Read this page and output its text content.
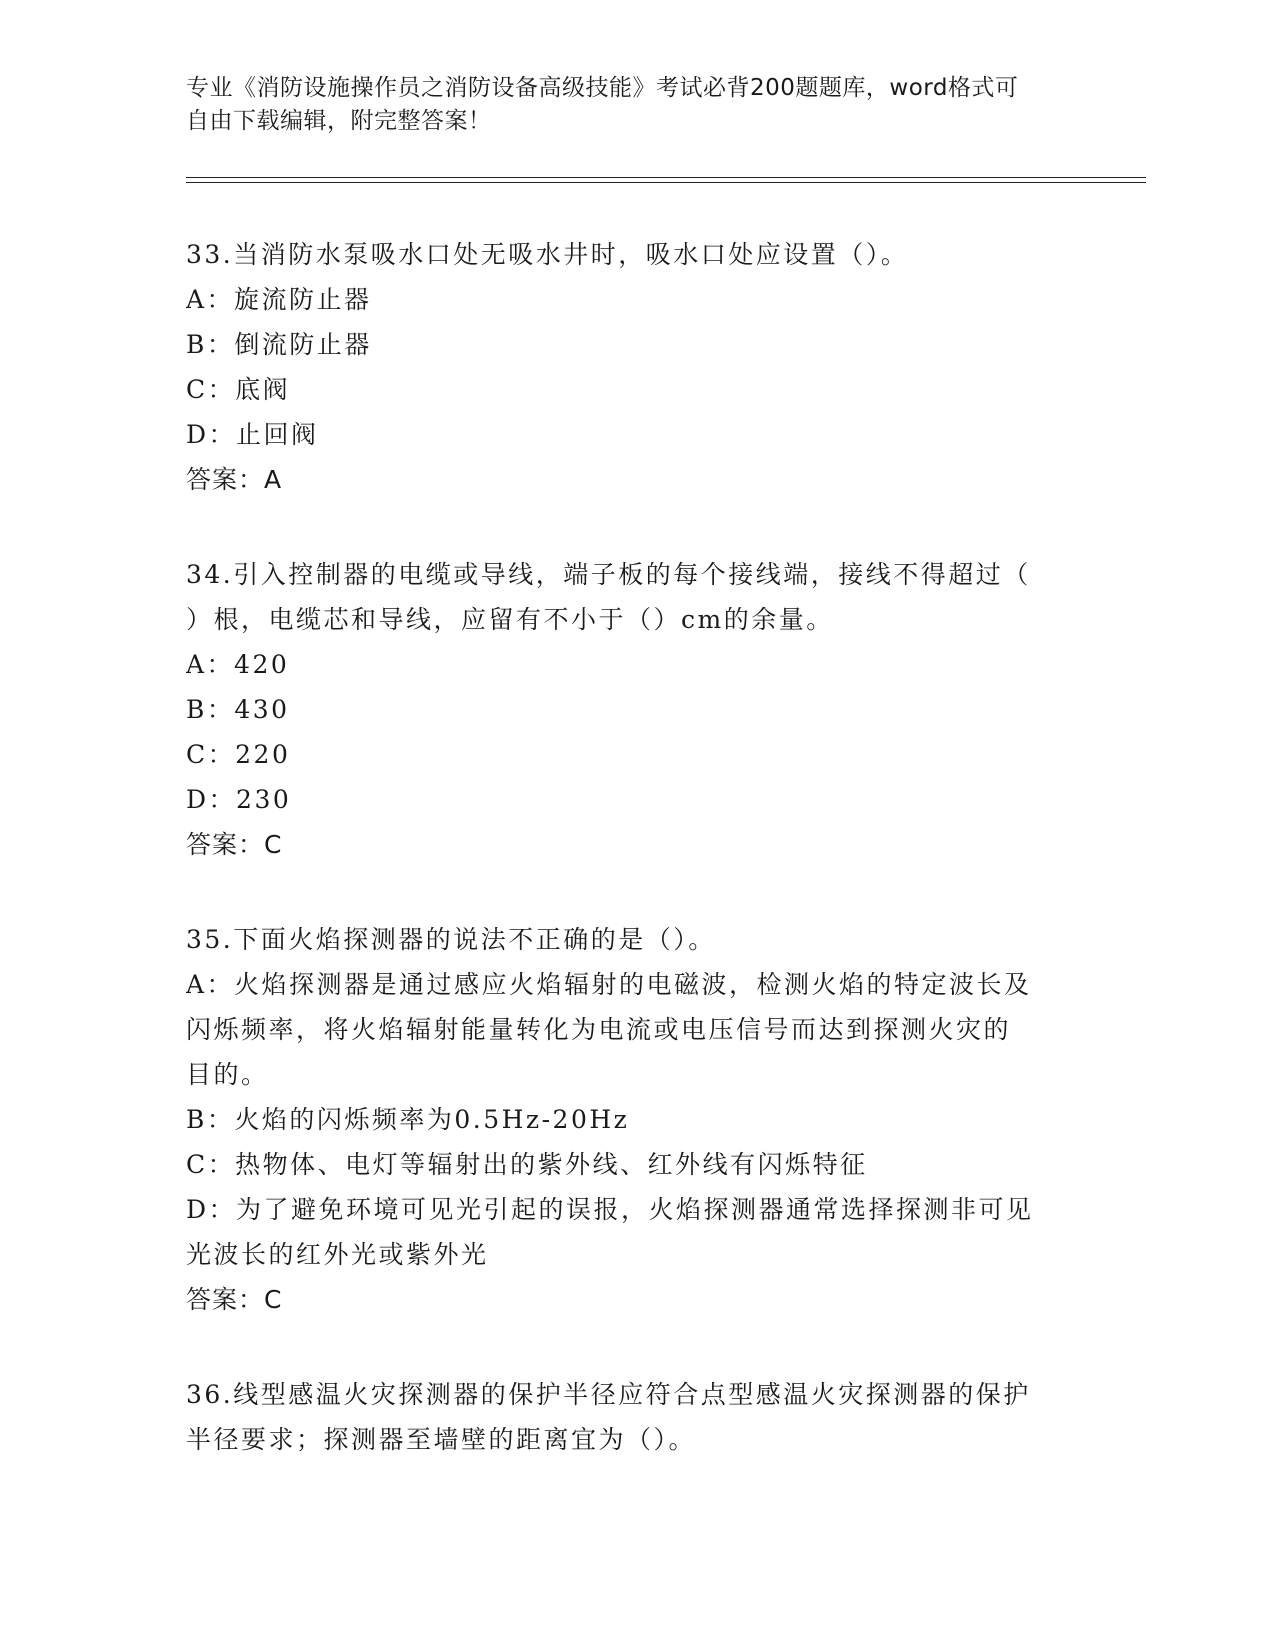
专业《消防设施操作员之消防设备高级技能》考试必背200题题库，word格式可
自由下载编辑，附完整答案！
33.当消防水泵吸水口处无吸水井时，吸水口处应设置（）。
A：旋流防止器
B：倒流防止器
C：底阀
D：止回阀
答案：A
34.引入控制器的电缆或导线，端子板的每个接线端，接线不得超过（
）根，电缆芯和导线，应留有不小于（）cm的余量。
A：420
B：430
C：220
D：230
答案：C
35.下面火焰探测器的说法不正确的是（）。
A：火焰探测器是通过感应火焰辐射的电磁波，检测火焰的特定波长及
闪烁频率，将火焰辐射能量转化为电流或电压信号而达到探测火灾的
目的。
B：火焰的闪烁频率为0.5Hz-20Hz
C：热物体、电灯等辐射出的紫外线、红外线有闪烁特征
D：为了避免环境可见光引起的误报，火焰探测器通常选择探测非可见
光波长的红外光或紫外光
答案：C
36.线型感温火灾探测器的保护半径应符合点型感温火灾探测器的保护
半径要求；探测器至墙壁的距离宜为（）。
